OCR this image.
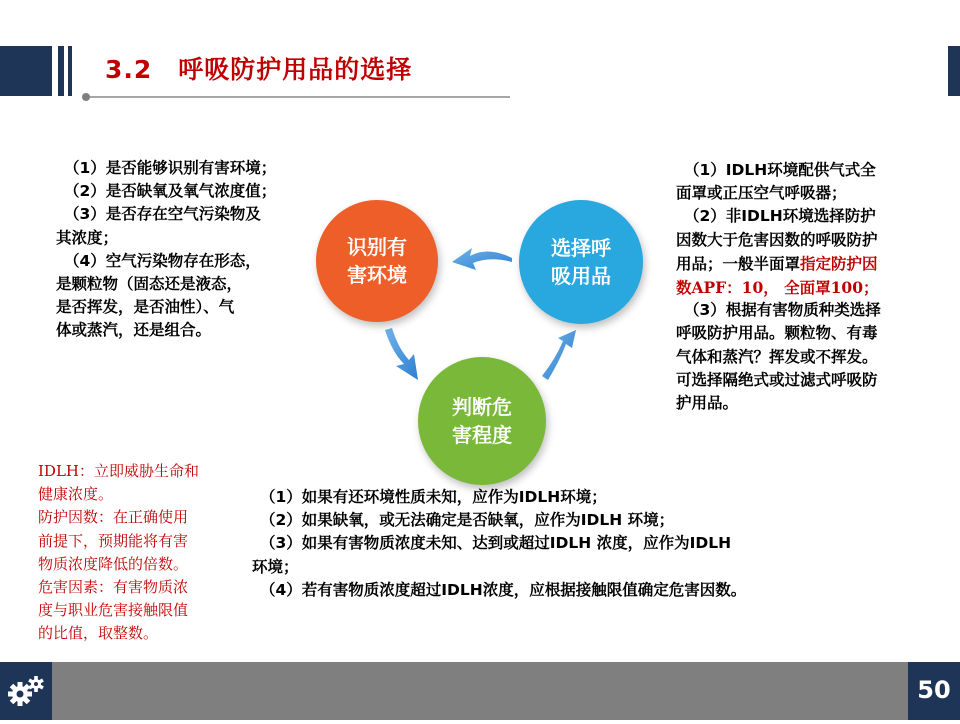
3.2　呼吸防护用品的选择
（1）是否能够识别有害环境；
（2）是否缺氧及氧气浓度值；
（3）是否存在空气污染物及
其浓度；
（4）空气污染物存在形态，
是颗粒物（固态还是液态，
是否挥发，是否油性）、气
体或蒸汽，还是组合。
识别有
害环境
选择呼
吸用品
判断危
害程度
（1）IDLH环境配供气式全
面罩或正压空气呼吸器；
（2）非IDLH环境选择防护
因数大于危害因数的呼吸防护
用品；一般半面罩指定防护因
数APF：10， 全面罩100；
（3）根据有害物质种类选择
呼吸防护用品。颗粒物、有毒
气体和蒸汽？挥发或不挥发。
可选择隔绝式或过滤式呼吸防
护用品。
IDLH：立即威胁生命和
健康浓度。
防护因数：在正确使用
前提下，预期能将有害
物质浓度降低的倍数。
危害因素：有害物质浓
度与职业危害接触限值
的比值，取整数。
（1）如果有还环境性质未知，应作为IDLH环境；
（2）如果缺氧，或无法确定是否缺氧，应作为IDLH 环境；
（3）如果有害物质浓度未知、达到或超过IDLH 浓度，应作为IDLH
环境；
（4）若有害物质浓度超过IDLH浓度，应根据接触限值确定危害因数。
50
